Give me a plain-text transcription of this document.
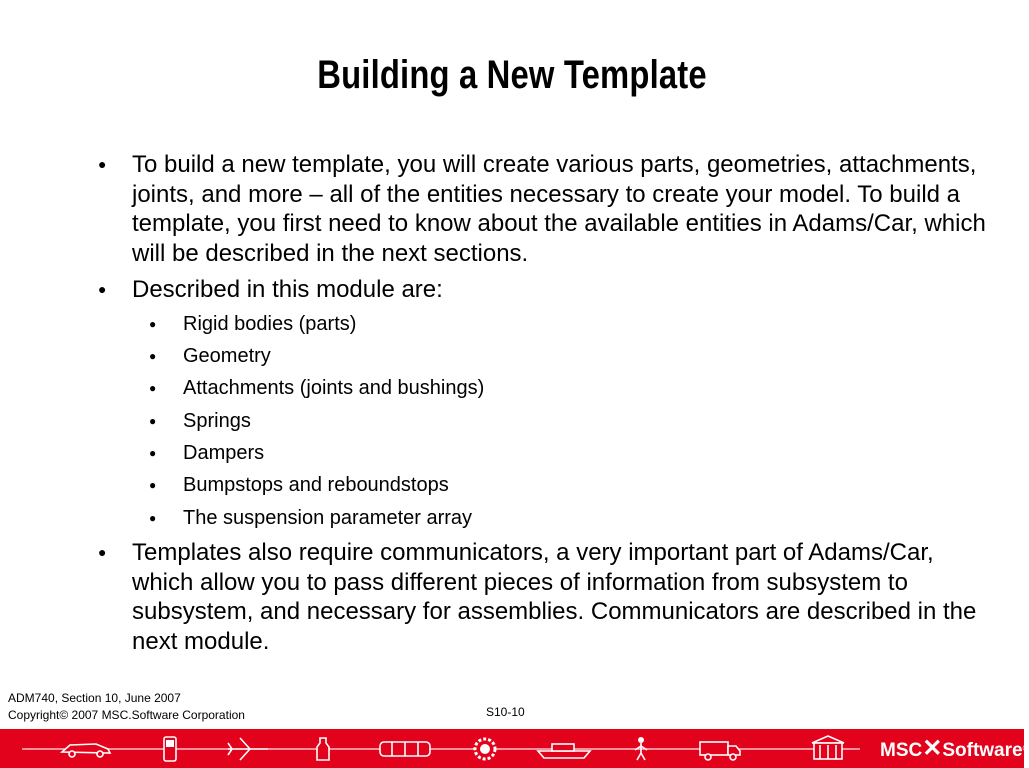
Building a New Template
● To build a new template, you will create various parts, geometries, attachments, joints, and more – all of the entities necessary to create your model. To build a template, you first need to know about the available entities in Adams/Car, which will be described in the next sections.
● Described in this module are:
● Rigid bodies (parts)
● Geometry
● Attachments (joints and bushings)
● Springs
● Dampers
● Bumpstops and reboundstops
● The suspension parameter array
● Templates also require communicators, a very important part of Adams/Car, which allow you to pass different pieces of information from subsystem to subsystem, and necessary for assemblies. Communicators are described in the next module.
ADM740, Section 10, June 2007
Copyright© 2007 MSC.Software Corporation	S10-10
MSC✕Software®
